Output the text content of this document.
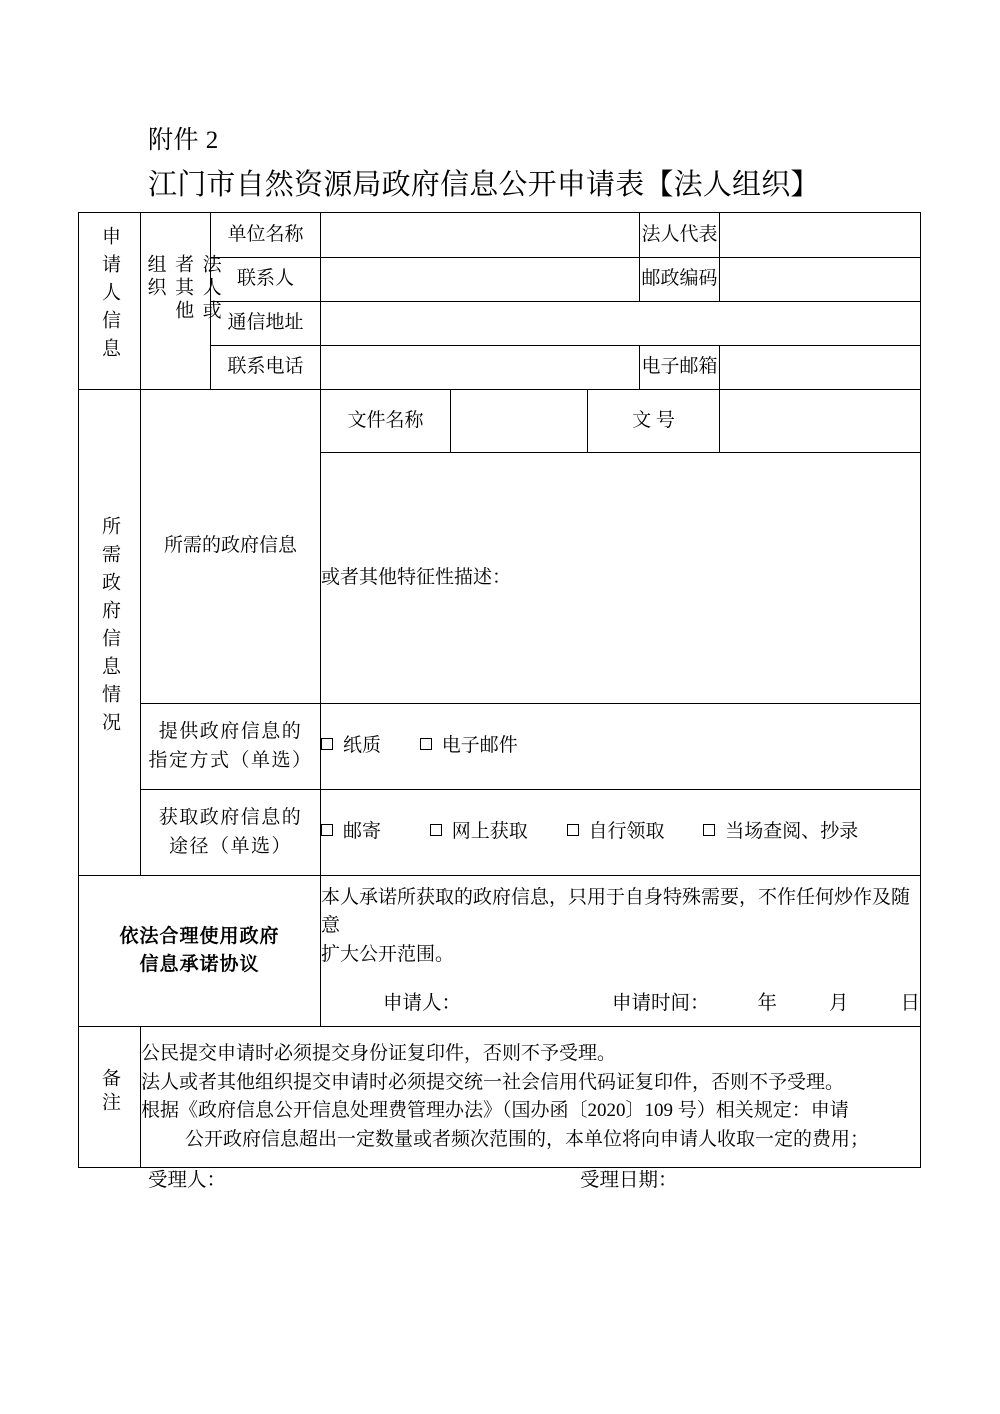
附件 2
江门市自然资源局政府信息公开申请表【法人组织】
申请人信息	法人或者其他组织	单位名称				法人代表	
		联系人				邮政编码	
		通信地址					
		联系电话				电子邮箱	
所需政府信息情况	所需的政府信息		文件名称		文 号		
			或者其他特征性描述：				

	提供政府信息的
指定方式（单选）		纸质 电子邮件				

	获取政府信息的
途径（单选）		邮寄 网上获取 自行领取 当场查阅、抄录				

依法合理使用政府
信息承诺协议

本人承诺所获取的政府信息，只用于自身特殊需要，不作任何炒作及随意
扩大公开范围。
申请人：	申请时间： 年	月	日

备注	公民提交申请时必须提交身份证复印件，否则不予受理。
法人或者其他组织提交申请时必须提交统一社会信用代码证复印件，否则不予受理。
根据《政府信息公开信息处理费管理办法》（国办函〔2020〕109 号）相关规定：申请
公开政府信息超出一定数量或者频次范围的，本单位将向申请人收取一定的费用；						
受理人：	受理日期：
